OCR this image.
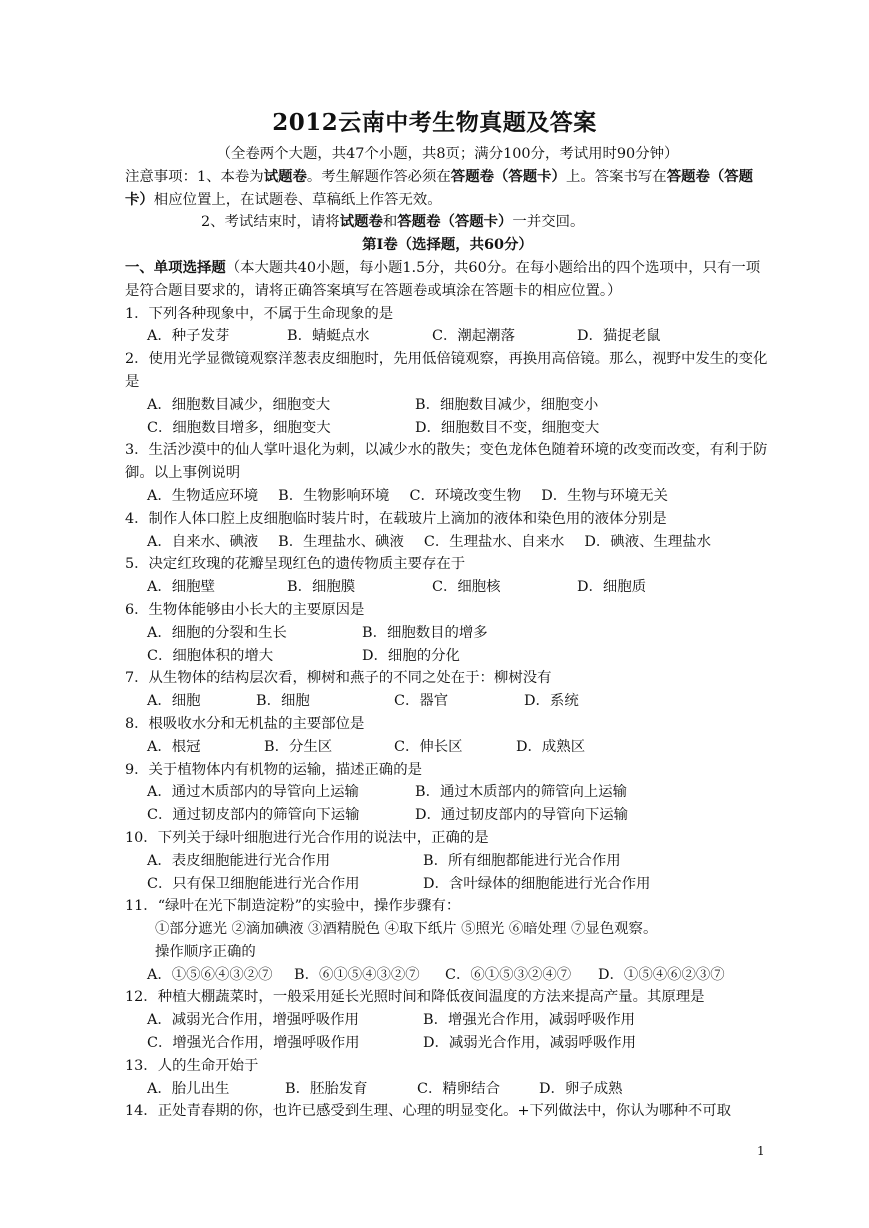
2012云南中考生物真题及答案

（全卷两个大题，共47个小题，共8页；满分100分，考试用时90分钟）

注意事项：1、本卷为试题卷。考生解题作答必须在答题卷（答题卡）上。答案书写在答题卷（答题卡）相应位置上，在试题卷、草稿纸上作答无效。

2、考试结束时，请将试题卷和答题卷（答题卡）一并交回。

第Ⅰ卷（选择题，共60分）

一、单项选择题（本大题共40小题，每小题1.5分，共60分。在每小题给出的四个选项中，只有一项是符合题目要求的，请将正确答案填写在答题卷或填涂在答题卡的相应位置。）

1．下列各种现象中，不属于生命现象的是

A．种子发芽	B．蜻蜓点水	C．潮起潮落	D．猫捉老鼠

2．使用光学显微镜观察洋葱表皮细胞时，先用低倍镜观察，再换用高倍镜。那么，视野中发生的变化是

A．细胞数目减少，细胞变大	B．细胞数目减少，细胞变小
C．细胞数目增多，细胞变大	D．细胞数目不变，细胞变大

3．生活沙漠中的仙人掌叶退化为刺，以减少水的散失；变色龙体色随着环境的改变而改变，有利于防御。以上事例说明

A．生物适应环境 B．生物影响环境 C．环境改变生物 D．生物与环境无关

4．制作人体口腔上皮细胞临时装片时，在载玻片上滴加的液体和染色用的液体分别是

A．自来水、碘液 B．生理盐水、碘液 C．生理盐水、自来水 D．碘液、生理盐水

5．决定红玫瑰的花瓣呈现红色的遗传物质主要存在于

A．细胞壁	B．细胞膜	C．细胞核	D．细胞质

6．生物体能够由小长大的主要原因是

A．细胞的分裂和生长	B．细胞数目的增多
C．细胞体积的增大	D．细胞的分化

7．从生物体的结构层次看，柳树和燕子的不同之处在于：柳树没有

A．细胞	B．细胞	C．器官	D．系统

8．根吸收水分和无机盐的主要部位是

A．根冠	B．分生区	C．伸长区	D．成熟区

9．关于植物体内有机物的运输，描述正确的是

A．通过木质部内的导管向上运输	B．通过木质部内的筛管向上运输
C．通过韧皮部内的筛管向下运输	D．通过韧皮部内的导管向下运输

10．下列关于绿叶细胞进行光合作用的说法中，正确的是

A．表皮细胞能进行光合作用	B．所有细胞都能进行光合作用
C．只有保卫细胞能进行光合作用	D．含叶绿体的细胞能进行光合作用

11．“绿叶在光下制造淀粉”的实验中，操作步骤有：

①部分遮光 ②滴加碘液 ③酒精脱色 ④取下纸片 ⑤照光 ⑥暗处理 ⑦显色观察。

操作顺序正确的

A．①⑤⑥④③②⑦	B．⑥①⑤④③②⑦	C．⑥①⑤③②④⑦	D．①⑤④⑥②③⑦

12．种植大棚蔬菜时，一般采用延长光照时间和降低夜间温度的方法来提高产量。其原理是

A．减弱光合作用，增强呼吸作用	B．增强光合作用，减弱呼吸作用
C．增强光合作用，增强呼吸作用	D．减弱光合作用，减弱呼吸作用

13．人的生命开始于

A．胎儿出生	B．胚胎发育	C．精卵结合	D．卵子成熟

14．正处青春期的你，也许已感受到生理、心理的明显变化。+下列做法中，你认为哪种不可取

1
